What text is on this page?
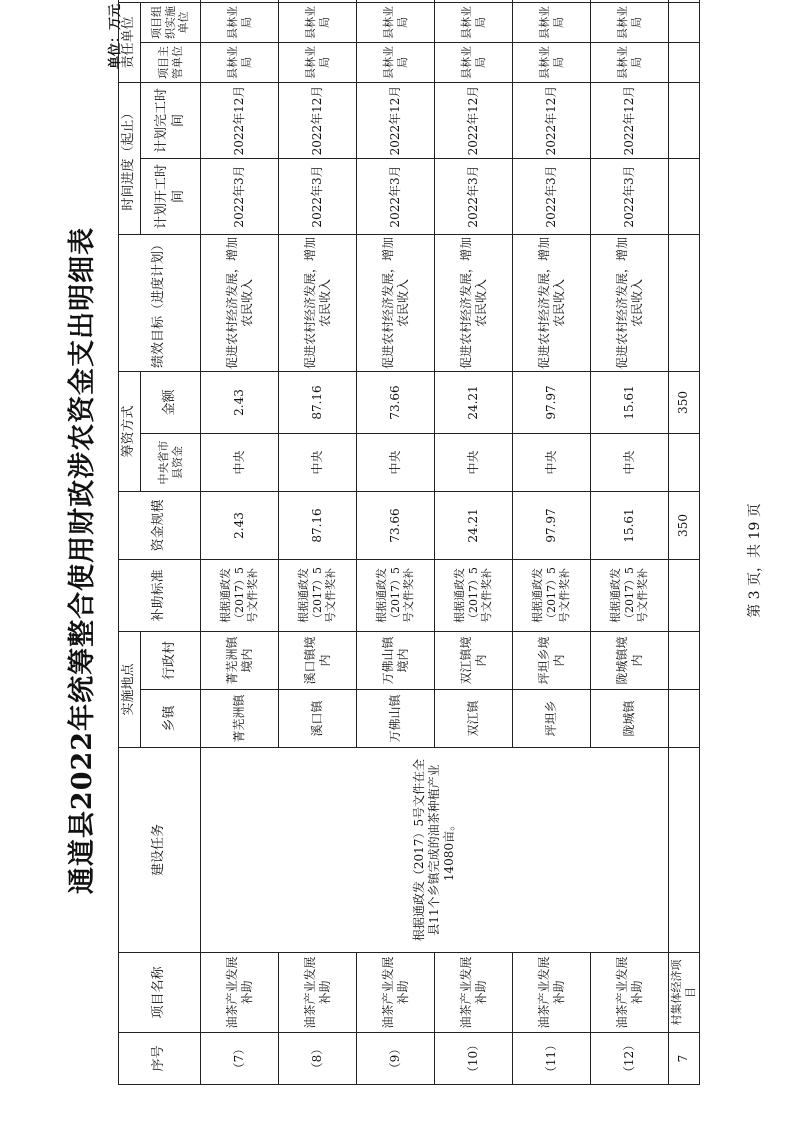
通道县2022年统筹整合使用财政涉农资金支出明细表
单位：万元
序号	项目名称	建设任务	实施地点		补助标准	资金规模	筹资方式		绩效目标（进度计划）	时间进度（起止）		责任单位	
			乡镇	行政村			中央省市县资金	金额		计划开工时间	计划完工时间	项目主管单位	项目组织实施单位	

（7）	油茶产业发展补助	根据通政发（2017）5号文件在全县11个乡镇完成的油茶种植产业14080亩。	菁芜洲镇	菁芜洲镇境内	根据通政发（2017）5号文件奖补	2.43	中央	2.43	促进农村经济发展，增加农民收入	2022年3月	2022年12月	县林业局	县林业局	
（8）	油茶产业发展补助		溪口镇	溪口镇境内	根据通政发（2017）5号文件奖补	87.16	中央	87.16	促进农村经济发展，增加农民收入	2022年3月	2022年12月	县林业局	县林业局	
（9）	油茶产业发展补助		万佛山镇	万佛山镇境内	根据通政发（2017）5号文件奖补	73.66	中央	73.66	促进农村经济发展，增加农民收入	2022年3月	2022年12月	县林业局	县林业局	
（10）	油茶产业发展补助		双江镇	双江镇境内	根据通政发（2017）5号文件奖补	24.21	中央	24.21	促进农村经济发展，增加农民收入	2022年3月	2022年12月	县林业局	县林业局	
（11）	油茶产业发展补助		坪坦乡	坪坦乡境内	根据通政发（2017）5号文件奖补	97.97	中央	97.97	促进农村经济发展，增加农民收入	2022年3月	2022年12月	县林业局	县林业局	
（12）	油茶产业发展补助		陇城镇	陇城镇境内	根据通政发（2017）5号文件奖补	15.61	中央	15.61	促进农村经济发展，增加农民收入	2022年3月	2022年12月	县林业局	县林业局	
7	村集体经济项目					350		350						
第 3 页，共 19 页
